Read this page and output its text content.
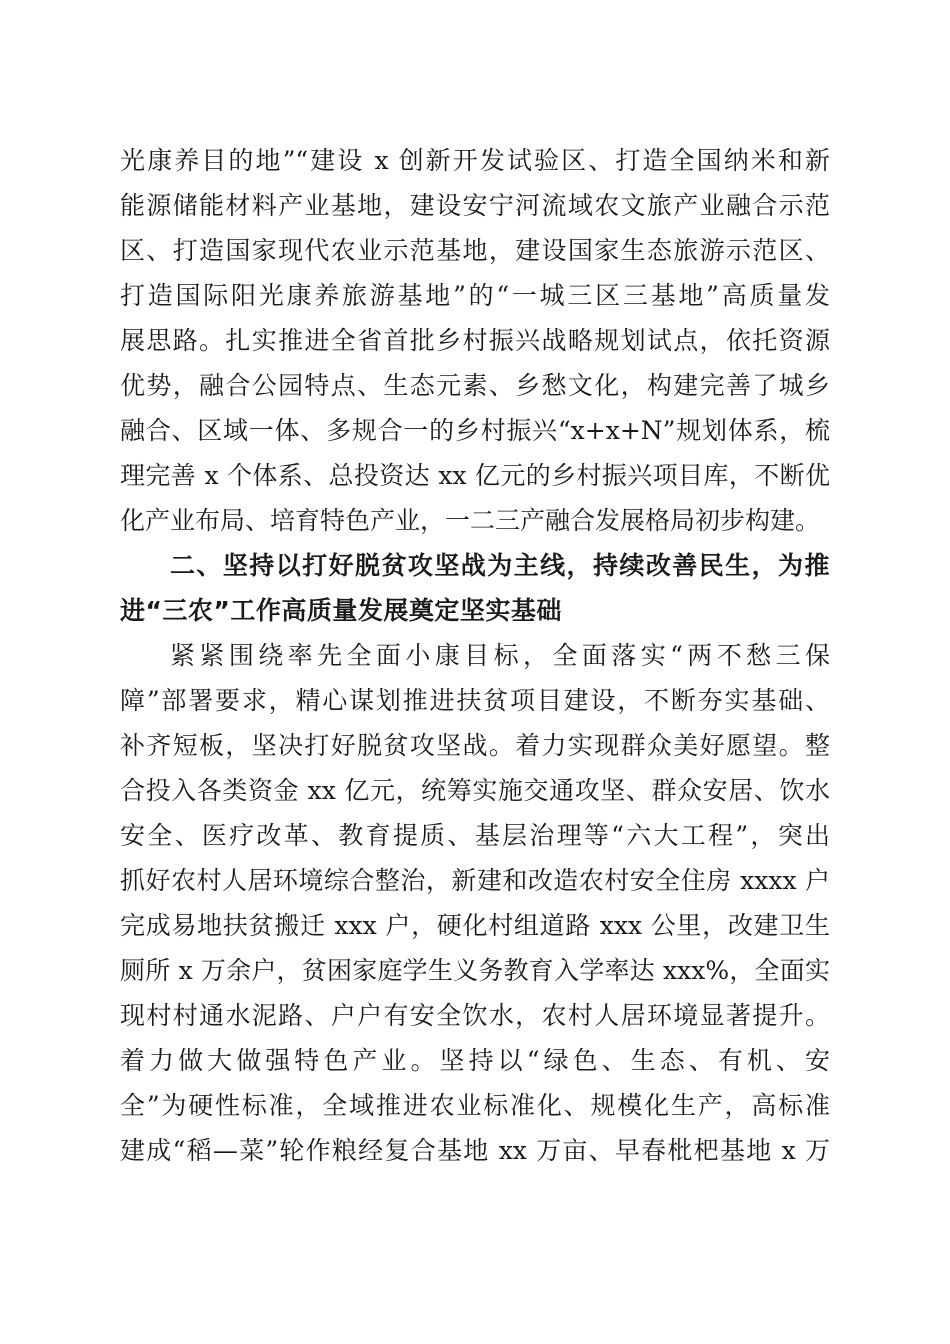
光康养目的地”“建设 x 创新开发试验区、打造全国纳米和新
能源储能材料产业基地，建设安宁河流域农文旅产业融合示范
区、打造国家现代农业示范基地，建设国家生态旅游示范区、
打造国际阳光康养旅游基地”的“一城三区三基地”高质量发
展思路。扎实推进全省首批乡村振兴战略规划试点，依托资源
优势，融合公园特点、生态元素、乡愁文化，构建完善了城乡
融合、区域一体、多规合一的乡村振兴“x+x+N”规划体系，梳
理完善 x 个体系、总投资达 xx 亿元的乡村振兴项目库，不断优
化产业布局、培育特色产业，一二三产融合发展格局初步构建。
二、坚持以打好脱贫攻坚战为主线，持续改善民生，为推
进“三农”工作高质量发展奠定坚实基础
紧紧围绕率先全面小康目标，全面落实“两不愁三保
障”部署要求，精心谋划推进扶贫项目建设，不断夯实基础、
补齐短板，坚决打好脱贫攻坚战。着力实现群众美好愿望。整
合投入各类资金 xx 亿元，统筹实施交通攻坚、群众安居、饮水
安全、医疗改革、教育提质、基层治理等“六大工程”，突出
抓好农村人居环境综合整治，新建和改造农村安全住房 xxxx 户
完成易地扶贫搬迁 xxx 户，硬化村组道路 xxx 公里，改建卫生
厕所 x 万余户，贫困家庭学生义务教育入学率达 xxx%，全面实
现村村通水泥路、户户有安全饮水，农村人居环境显著提升。
着力做大做强特色产业。坚持以“绿色、生态、有机、安
全”为硬性标准，全域推进农业标准化、规模化生产，高标准
建成“稻—菜”轮作粮经复合基地 xx 万亩、早春枇杷基地 x 万
